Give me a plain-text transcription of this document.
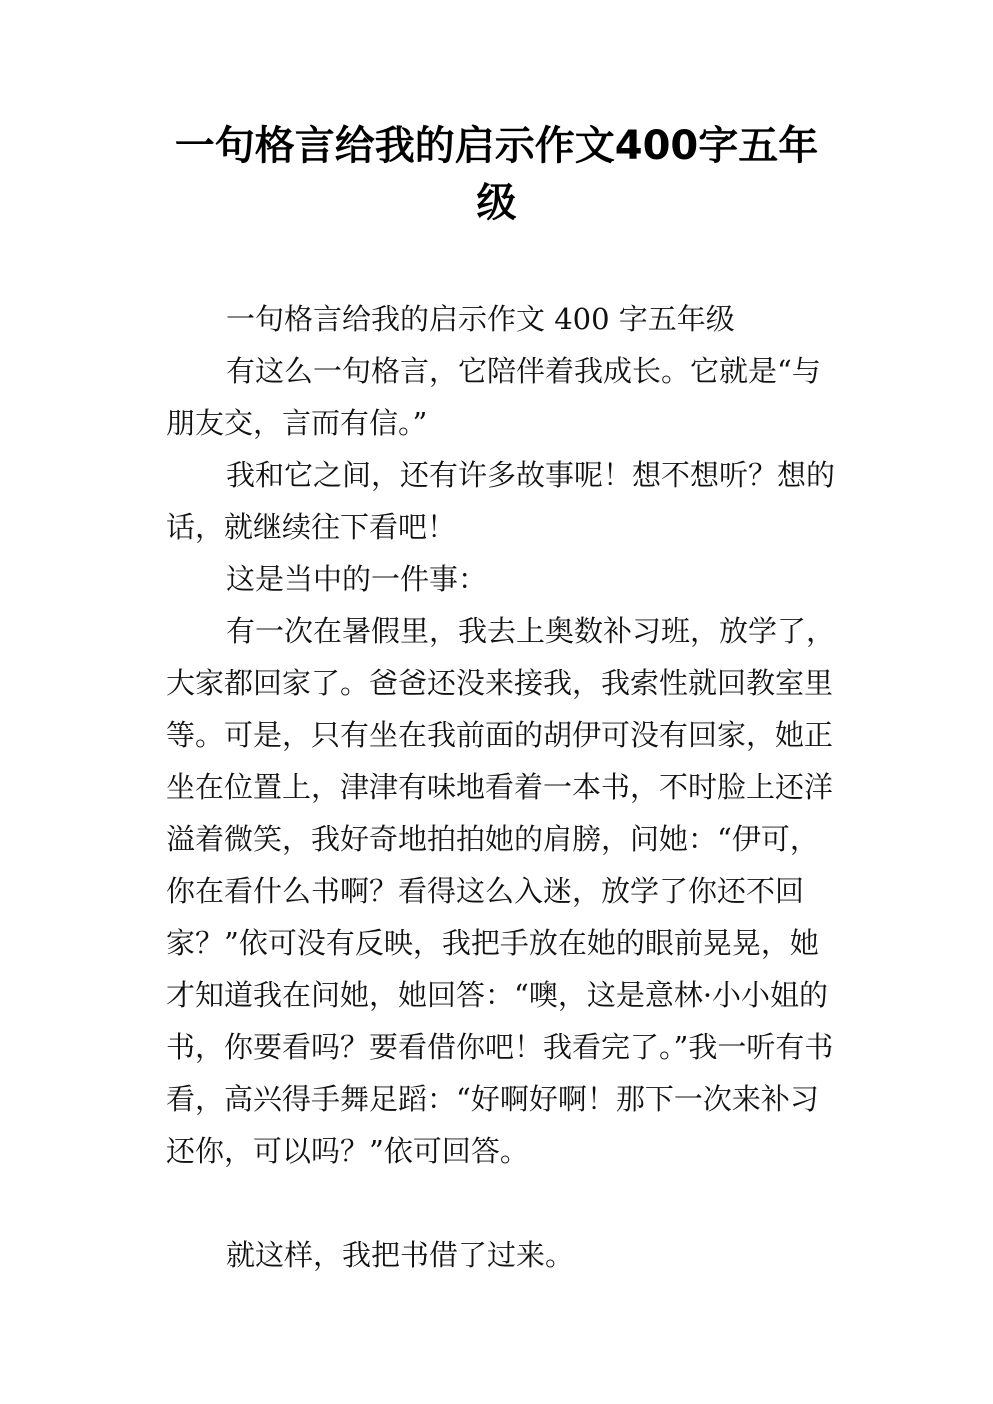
一句格言给我的启示作文400字五年级

一句格言给我的启示作文 400 字五年级

有这么一句格言，它陪伴着我成长。它就是“与朋友交，言而有信。”

我和它之间，还有许多故事呢！想不想听？想的话，就继续往下看吧！

这是当中的一件事：

有一次在暑假里，我去上奥数补习班，放学了，大家都回家了。爸爸还没来接我，我索性就回教室里等。可是，只有坐在我前面的胡伊可没有回家，她正坐在位置上，津津有味地看着一本书，不时脸上还洋溢着微笑，我好奇地拍拍她的肩膀，问她：“伊可，你在看什么书啊？看得这么入迷，放学了你还不回家？”依可没有反映，我把手放在她的眼前晃晃，她才知道我在问她，她回答：“噢，这是意林·小小姐的书，你要看吗？要看借你吧！我看完了。”我一听有书看，高兴得手舞足蹈：“好啊好啊！那下一次来补习还你，可以吗？”依可回答。

就这样，我把书借了过来。
